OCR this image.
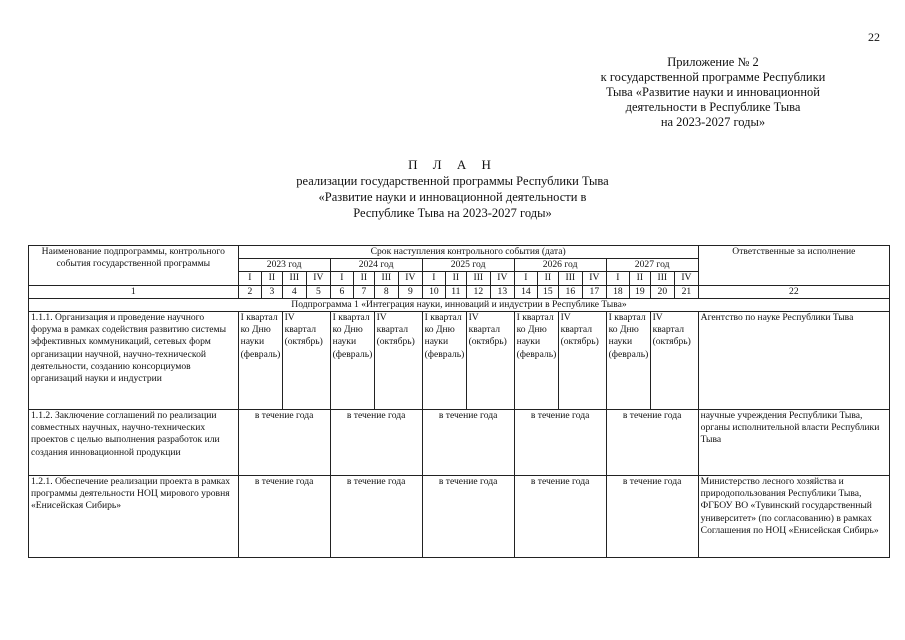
22
Приложение № 2
к государственной программе Республики
Тыва «Развитие науки и инновационной
деятельности в Республике Тыва
на 2023-2027 годы»
П Л А Н
реализации государственной программы Республики Тыва
«Развитие науки и инновационной деятельности в
Республике Тыва на 2023-2027 годы»
Наименование подпрограммы, контрольного события государственной программы	Срок наступления контрольного события (дата)																				Ответственные за исполнение
	2023 год				2024 год				2025 год				2026 год				2027 год				
	I	II	III	IV	I	II	III	IV	I	II	III	IV	I	II	III	IV	I	II	III	IV	
1	2	3	4	5	6	7	8	9	10	11	12	13	14	15	16	17	18	19	20	21	22
Подпрограмма 1 «Интеграция науки, инноваций и индустрии в Республике Тыва»																					
1.1.1. Организация и проведение научного форума в рамках содействия развитию системы эффективных коммуникаций, сетевых форм организации научной, научно-технической деятельности, созданию консорциумов организаций науки и индустрии	I квартал ко Дню науки (февраль)		IV квартал (октябрь)		I квартал ко Дню науки (февраль)		IV квартал (октябрь)		I квартал ко Дню науки (февраль)		IV квартал (октябрь)		I квартал ко Дню науки (февраль)		IV квартал (октябрь)		I квартал ко Дню науки (февраль)		IV квартал (октябрь)		Агентство по науке Республики Тыва
1.1.2. Заключение соглашений по реализации совместных научных, научно-технических проектов с целью выполнения разработок или создания инновационной продукции	в течение года				в течение года				в течение года				в течение года				в течение года				научные учреждения Республики Тыва, органы исполнительной власти Республики Тыва
1.2.1. Обеспечение реализации проекта в рамках программы деятельности НОЦ мирового уровня «Енисейская Сибирь»	в течение года				в течение года				в течение года				в течение года				в течение года				Министерство лесного хозяйства и природопользования Республики Тыва, ФГБОУ ВО «Тувинский государственный университет» (по согласованию) в рамках Соглашения по НОЦ «Енисейская Сибирь»
